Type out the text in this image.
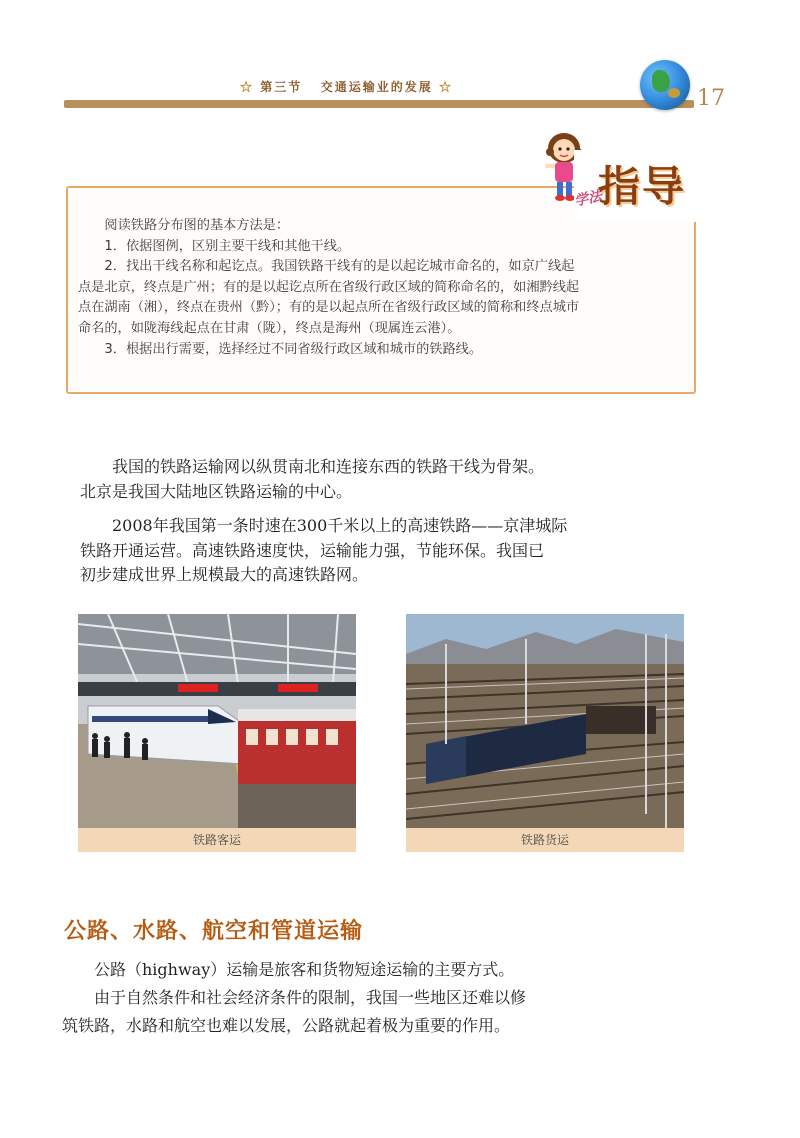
☆ 第三节 交通运输业的发展 ☆	17
学法
指导

阅读铁路分布图的基本方法是：

1．依据图例，区别主要干线和其他干线。

2．找出干线名称和起讫点。我国铁路干线有的是以起讫城市命名的，如京广线起

点是北京，终点是广州；有的是以起讫点所在省级行政区域的简称命名的，如湘黔线起

点在湖南（湘），终点在贵州（黔）；有的是以起点所在省级行政区域的简称和终点城市

命名的，如陇海线起点在甘肃（陇），终点是海州（现属连云港）。

3．根据出行需要，选择经过不同省级行政区域和城市的铁路线。

我国的铁路运输网以纵贯南北和连接东西的铁路干线为骨架。
北京是我国大陆地区铁路运输的中心。
2008年我国第一条时速在300千米以上的高速铁路——京津城际
铁路开通运营。高速铁路速度快，运输能力强，节能环保。我国已
初步建成世界上规模最大的高速铁路网。
铁路客运	铁路货运
公路、水路、航空和管道运输
公路（highway）运输是旅客和货物短途运输的主要方式。
由于自然条件和社会经济条件的限制，我国一些地区还难以修
筑铁路，水路和航空也难以发展，公路就起着极为重要的作用。
